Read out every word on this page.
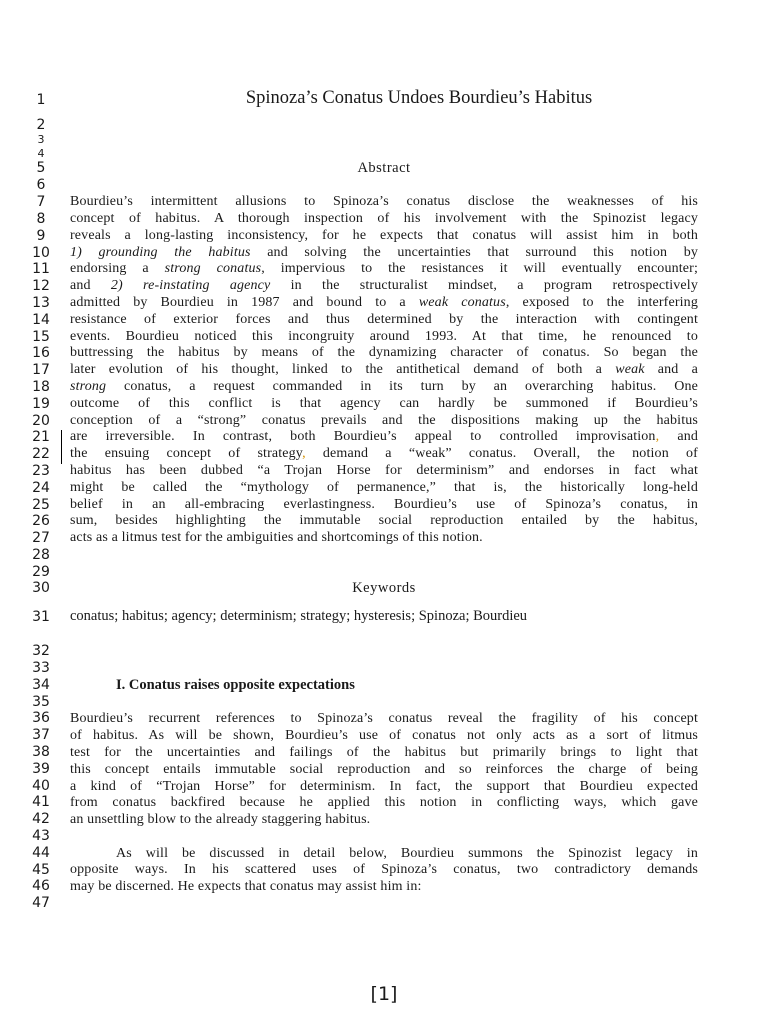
1
2
3
4
5
6
7
8
9
10
11
12
13
14
15
16
17
18
19
20
21
22
23
24
25
26
27
28
29
30
31
32
33
34
35
36
37
38
39
40
41
42
43
44
45
46
47
Spinoza’s Conatus Undoes Bourdieu’s Habitus
Abstract
Bourdieu’s intermittent allusions to Spinoza’s conatus disclose the weaknesses of his
concept of habitus. A thorough inspection of his involvement with the Spinozist legacy
reveals a long-lasting inconsistency, for he expects that conatus will assist him in both
1) grounding the habitus and solving the uncertainties that surround this notion by
endorsing a strong conatus, impervious to the resistances it will eventually encounter;
and 2) re-instating agency in the structuralist mindset, a program retrospectively
admitted by Bourdieu in 1987 and bound to a weak conatus, exposed to the interfering
resistance of exterior forces and thus determined by the interaction with contingent
events. Bourdieu noticed this incongruity around 1993. At that time, he renounced to
buttressing the habitus by means of the dynamizing character of conatus. So began the
later evolution of his thought, linked to the antithetical demand of both a weak and a
strong conatus, a request commanded in its turn by an overarching habitus. One
outcome of this conflict is that agency can hardly be summoned if Bourdieu’s
conception of a “strong” conatus prevails and the dispositions making up the habitus
are irreversible. In contrast, both Bourdieu’s appeal to controlled improvisation, and
the ensuing concept of strategy, demand a “weak” conatus. Overall, the notion of
habitus has been dubbed “a Trojan Horse for determinism” and endorses in fact what
might be called the “mythology of permanence,” that is, the historically long-held
belief in an all-embracing everlastingness. Bourdieu’s use of Spinoza’s conatus, in
sum, besides highlighting the immutable social reproduction entailed by the habitus,
acts as a litmus test for the ambiguities and shortcomings of this notion.
Keywords
conatus; habitus; agency; determinism; strategy; hysteresis; Spinoza; Bourdieu
I. Conatus raises opposite expectations
Bourdieu’s recurrent references to Spinoza’s conatus reveal the fragility of his concept
of habitus. As will be shown, Bourdieu’s use of conatus not only acts as a sort of litmus
test for the uncertainties and failings of the habitus but primarily brings to light that
this concept entails immutable social reproduction and so reinforces the charge of being
a kind of “Trojan Horse” for determinism. In fact, the support that Bourdieu expected
from conatus backfired because he applied this notion in conflicting ways, which gave
an unsettling blow to the already staggering habitus.
As will be discussed in detail below, Bourdieu summons the Spinozist legacy in
opposite ways. In his scattered uses of Spinoza’s conatus, two contradictory demands
may be discerned. He expects that conatus may assist him in:
[1]
